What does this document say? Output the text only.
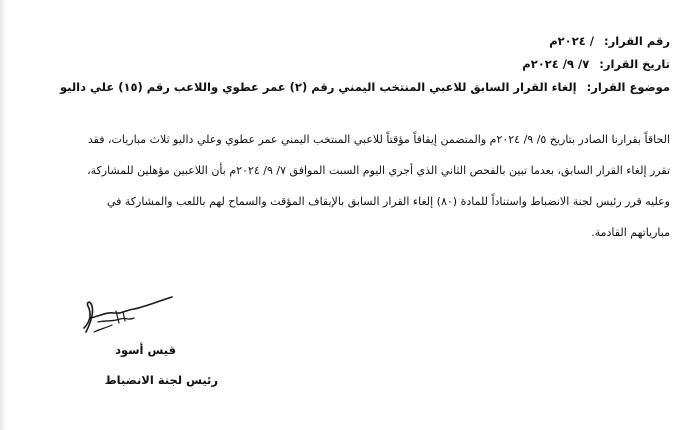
رقم القرار: / ٢٠٢٤م
تاريخ القرار: ٧/ ٩/ ٢٠٢٤م
موضوع القرار: إلغاء القرار السابق للاعبي المنتخب اليمني رقم (٢) عمر عطوي واللاعب رقم (١٥) علي داليو
الحاقاً بقرارنا الصادر بتاريخ ٥/ ٩/ ٢٠٢٤م والمتضمن إيقافاً مؤقتاً للاعبي المنتخب اليمني عمر عطوي وعلي داليو ثلاث مباريات، فقد
تقرر إلغاء القرار السابق، بعدما تبين بالفحص الثاني الذي أجري اليوم السبت الموافق ٧/ ٩/ ٢٠٢٤م بأن اللاعبين مؤهلين للمشاركة،
وعليه قرر رئيس لجنة الانضباط واستناداً للمادة (٨٠) إلغاء القرار السابق بالإيقاف المؤقت والسماح لهم باللعب والمشاركة في
مبارياتهم القادمة.
قيس أسود
رئيس لجنة الانضباط
